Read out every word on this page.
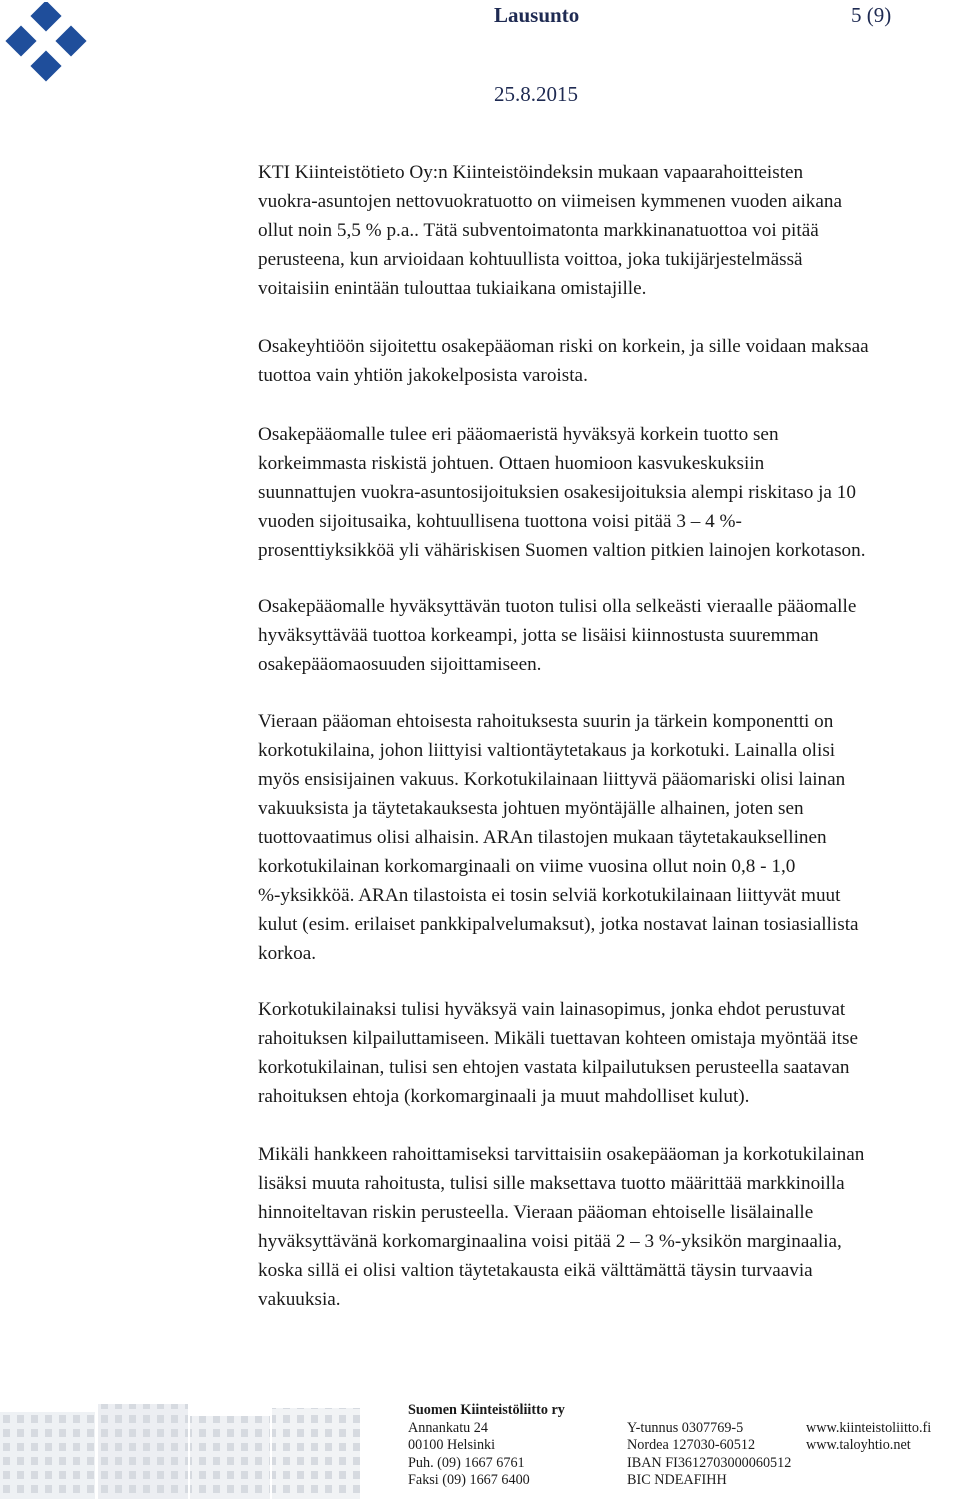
Lausunto	5 (9)
25.8.2015

KTI Kiinteistötieto Oy:n Kiinteistöindeksin mukaan vapaarahoitteisten
vuokra-asuntojen nettovuokratuotto on viimeisen kymmenen vuoden aikana
ollut noin 5,5 % p.a.. Tätä subventoimatonta markkinanatuottoa voi pitää
perusteena, kun arvioidaan kohtuullista voittoa, joka tukijärjestelmässä
voitaisiin enintään tulouttaa tukiaikana omistajille.

Osakeyhtiöön sijoitettu osakepääoman riski on korkein, ja sille voidaan maksaa
tuottoa vain yhtiön jakokelposista varoista.

Osakepääomalle tulee eri pääomaeristä hyväksyä korkein tuotto sen
korkeimmasta riskistä johtuen. Ottaen huomioon kasvukeskuksiin
suunnattujen vuokra-asuntosijoituksien osakesijoituksia alempi riskitaso ja 10
vuoden sijoitusaika, kohtuullisena tuottona voisi pitää 3 – 4 %-
prosenttiyksikköä yli vähäriskisen Suomen valtion pitkien lainojen korkotason.

Osakepääomalle hyväksyttävän tuoton tulisi olla selkeästi vieraalle pääomalle
hyväksyttävää tuottoa korkeampi, jotta se lisäisi kiinnostusta suuremman
osakepääomaosuuden sijoittamiseen.

Vieraan pääoman ehtoisesta rahoituksesta suurin ja tärkein komponentti on
korkotukilaina, johon liittyisi valtiontäytetakaus ja korkotuki. Lainalla olisi
myös ensisijainen vakuus. Korkotukilainaan liittyvä pääomariski olisi lainan
vakuuksista ja täytetakauksesta johtuen myöntäjälle alhainen, joten sen
tuottovaatimus olisi alhaisin. ARAn tilastojen mukaan täytetakauksellinen
korkotukilainan korkomarginaali on viime vuosina ollut noin 0,8 - 1,0
%-yksikköä. ARAn tilastoista ei tosin selviä korkotukilainaan liittyvät muut
kulut (esim. erilaiset pankkipalvelumaksut), jotka nostavat lainan tosiasiallista
korkoa.

Korkotukilainaksi tulisi hyväksyä vain lainasopimus, jonka ehdot perustuvat
rahoituksen kilpailuttamiseen. Mikäli tuettavan kohteen omistaja myöntää itse
korkotukilainan, tulisi sen ehtojen vastata kilpailutuksen perusteella saatavan
rahoituksen ehtoja (korkomarginaali ja muut mahdolliset kulut).

Mikäli hankkeen rahoittamiseksi tarvittaisiin osakepääoman ja korkotukilainan
lisäksi muuta rahoitusta, tulisi sille maksettava tuotto määrittää markkinoilla
hinnoiteltavan riskin perusteella. Vieraan pääoman ehtoiselle lisälainalle
hyväksyttävänä korkomarginaalina voisi pitää 2 – 3 %-yksikön marginaalia,
koska sillä ei olisi valtion täytetakausta eikä välttämättä täysin turvaavia
vakuuksia.

Suomen Kiinteistöliitto ry
Annankatu 24
00100 Helsinki
Puh. (09) 1667 6761
Faksi (09) 1667 6400
Y-tunnus 0307769-5
Nordea 127030-60512
IBAN FI3612703000060512
BIC NDEAFIHH
www.kiinteistoliitto.fi
www.taloyhtio.net
